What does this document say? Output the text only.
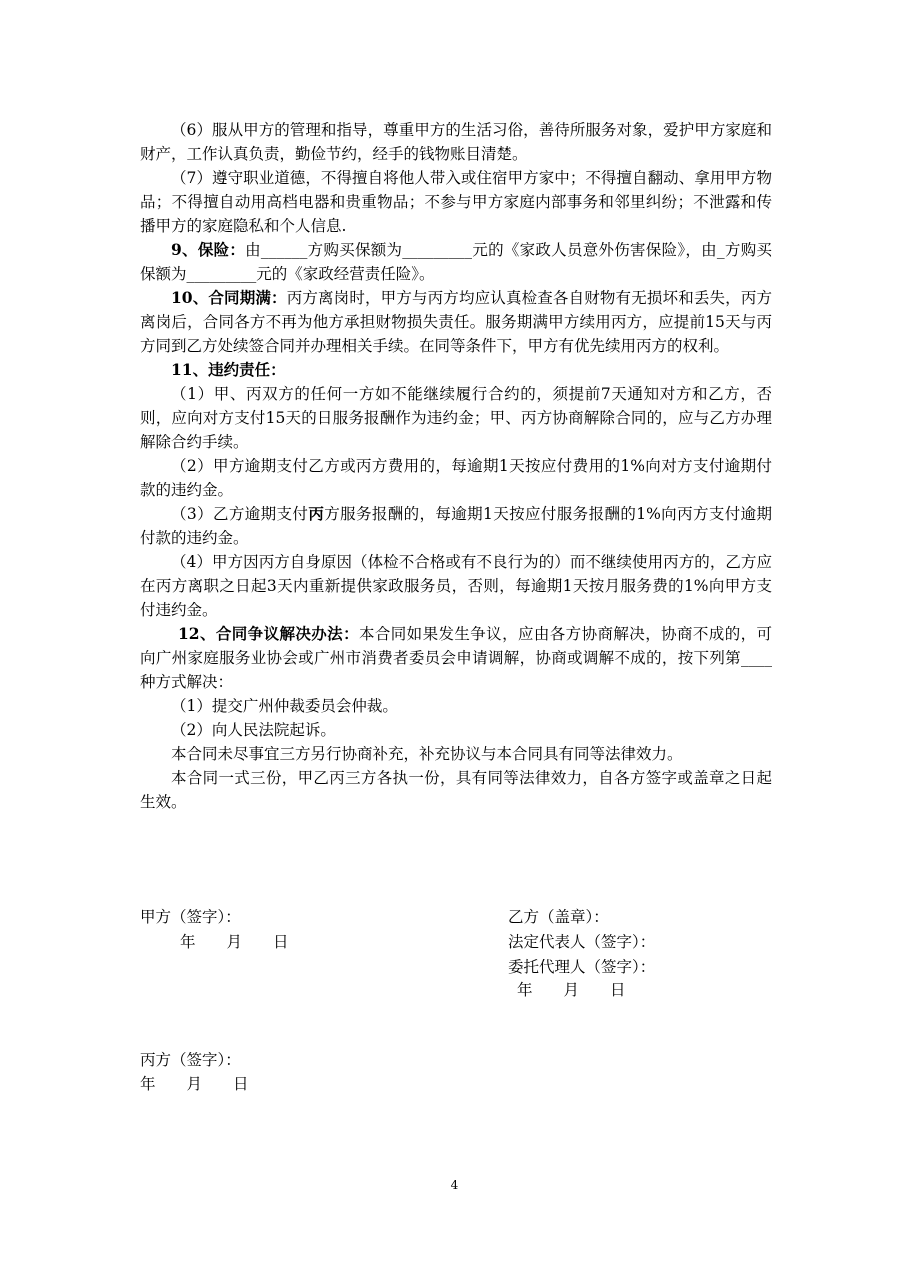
（6）服从甲方的管理和指导，尊重甲方的生活习俗，善待所服务对象，爱护甲方家庭和财产，工作认真负责，勤俭节约，经手的钱物账目清楚。

（7）遵守职业道德，不得擅自将他人带入或住宿甲方家中；不得擅自翻动、拿用甲方物品；不得擅自动用高档电器和贵重物品；不参与甲方家庭内部事务和邻里纠纷；不泄露和传播甲方的家庭隐私和个人信息.

9、保险：由______方购买保额为_________元的《家政人员意外伤害保险》，由_方购买保额为_________元的《家政经营责任险》。

10、合同期满：丙方离岗时，甲方与丙方均应认真检查各自财物有无损坏和丢失，丙方离岗后，合同各方不再为他方承担财物损失责任。服务期满甲方续用丙方，应提前15天与丙方同到乙方处续签合同并办理相关手续。在同等条件下，甲方有优先续用丙方的权利。

11、违约责任：

（1）甲、丙双方的任何一方如不能继续履行合约的，须提前7天通知对方和乙方，否则，应向对方支付15天的日服务报酬作为违约金；甲、丙方协商解除合同的，应与乙方办理解除合约手续。

（2）甲方逾期支付乙方或丙方费用的，每逾期1天按应付费用的1%向对方支付逾期付款的违约金。

（3）乙方逾期支付丙方服务报酬的，每逾期1天按应付服务报酬的1%向丙方支付逾期付款的违约金。

（4）甲方因丙方自身原因（体检不合格或有不良行为的）而不继续使用丙方的，乙方应在丙方离职之日起3天内重新提供家政服务员，否则，每逾期1天按月服务费的1%向甲方支付违约金。

12、合同争议解决办法：本合同如果发生争议，应由各方协商解决，协商不成的，可向广州家庭服务业协会或广州市消费者委员会申请调解，协商或调解不成的，按下列第____种方式解决：

（1）提交广州仲裁委员会仲裁。

（2）向人民法院起诉。

本合同未尽事宜三方另行协商补充，补充协议与本合同具有同等法律效力。

本合同一式三份，甲乙丙三方各执一份，具有同等法律效力，自各方签字或盖章之日起生效。

甲方（签字）：
年　　月　　日
乙方（盖章）：
法定代表人（签字）：
委托代理人（签字）：
年　　月　　日
丙方（签字）：
年　　月　　日
4
